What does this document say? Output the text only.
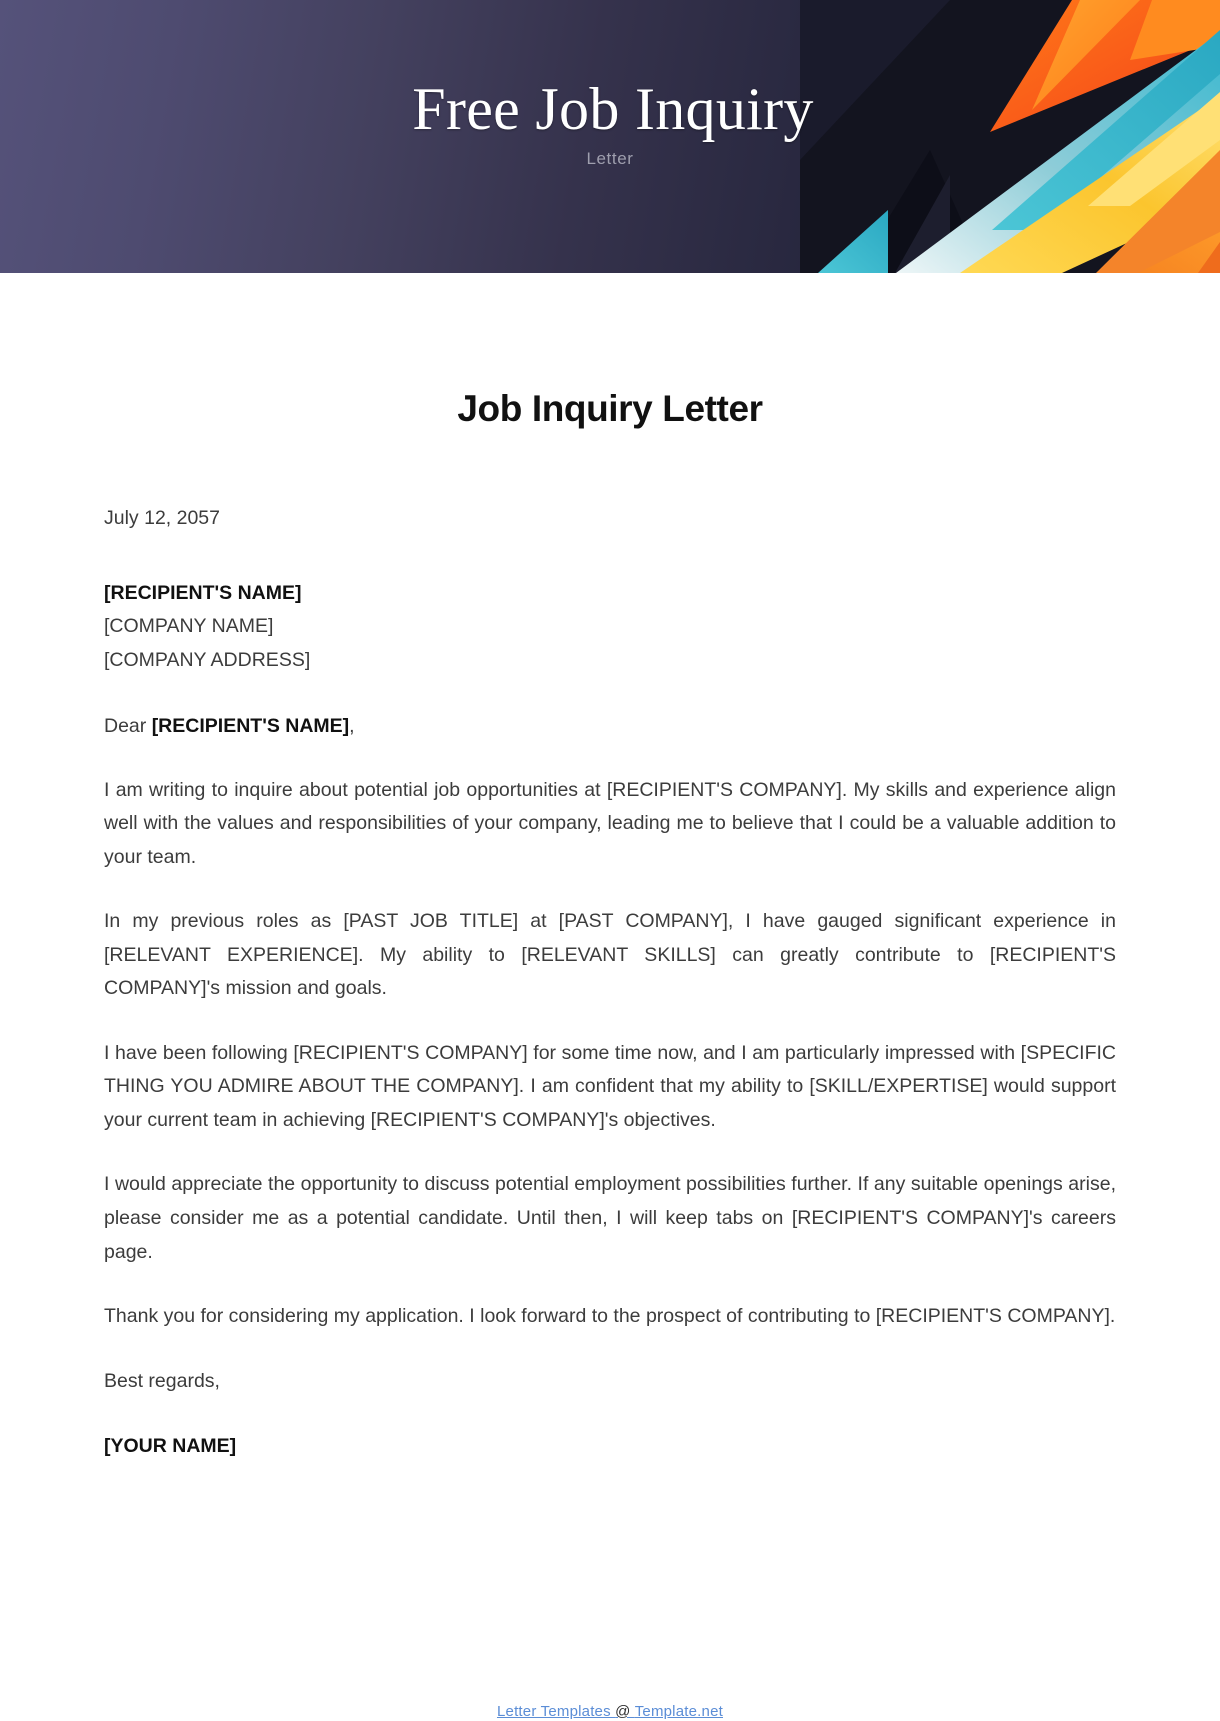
Free Job Inquiry
Letter
Job Inquiry Letter
July 12, 2057
[RECIPIENT'S NAME]
[COMPANY NAME]
[COMPANY ADDRESS]
Dear [RECIPIENT'S NAME],

I am writing to inquire about potential job opportunities at [RECIPIENT'S COMPANY]. My skills and experience align well with the values and responsibilities of your company, leading me to believe that I could be a valuable addition to your team.

In my previous roles as [PAST JOB TITLE] at [PAST COMPANY], I have gauged significant experience in [RELEVANT EXPERIENCE]. My ability to [RELEVANT SKILLS] can greatly contribute to [RECIPIENT'S COMPANY]'s mission and goals.

I have been following [RECIPIENT'S COMPANY] for some time now, and I am particularly impressed with [SPECIFIC THING YOU ADMIRE ABOUT THE COMPANY]. I am confident that my ability to [SKILL/EXPERTISE] would support your current team in achieving [RECIPIENT'S COMPANY]'s objectives.

I would appreciate the opportunity to discuss potential employment possibilities further. If any suitable openings arise, please consider me as a potential candidate. Until then, I will keep tabs on [RECIPIENT'S COMPANY]'s careers page.

Thank you for considering my application. I look forward to the prospect of contributing to [RECIPIENT'S COMPANY].

Best regards,
[YOUR NAME]
Letter Templates @ Template.net
